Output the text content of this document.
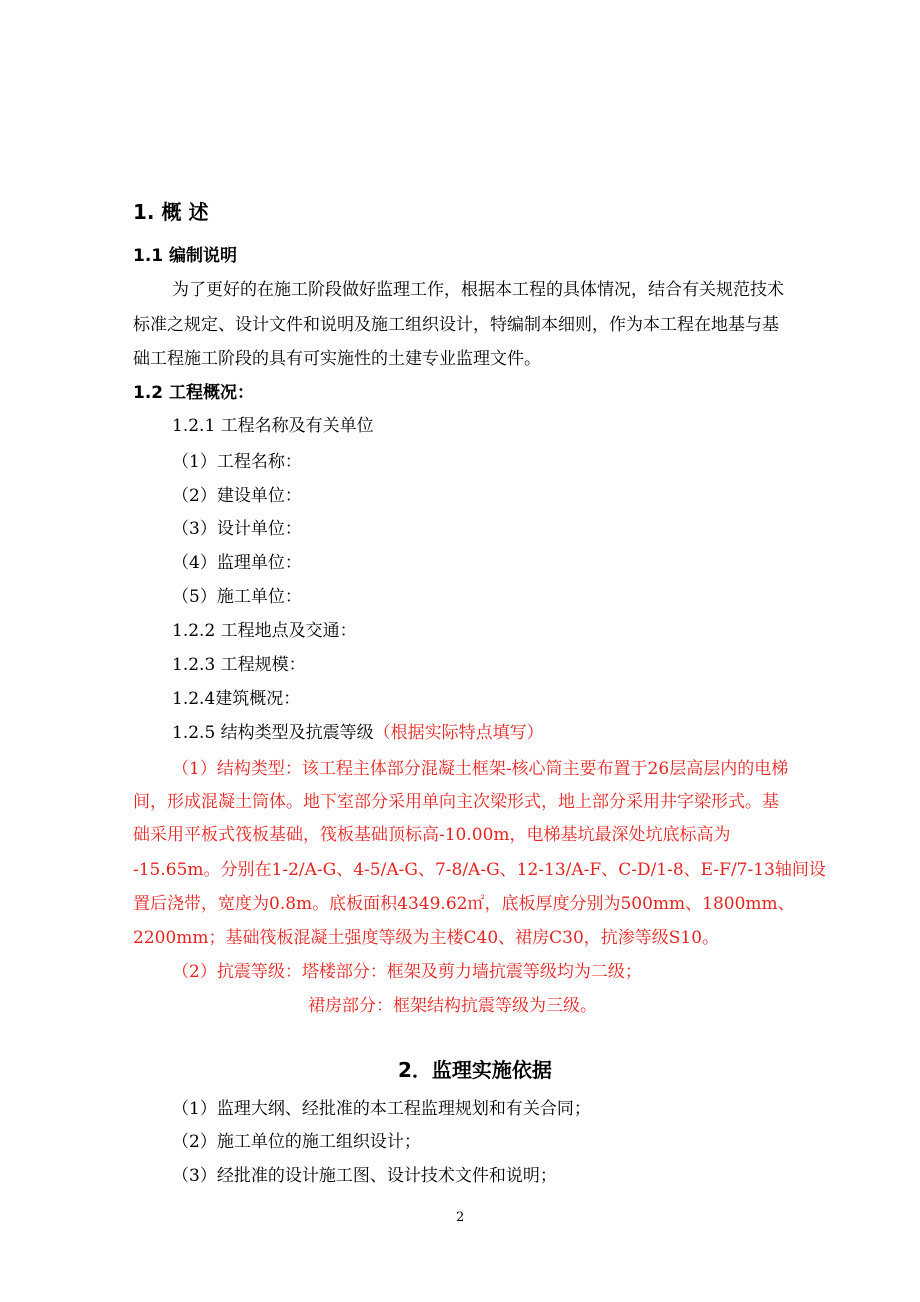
1. 概 述
1.1 编制说明
为了更好的在施工阶段做好监理工作，根据本工程的具体情况，结合有关规范技术
标准之规定、设计文件和说明及施工组织设计，特编制本细则，作为本工程在地基与基
础工程施工阶段的具有可实施性的土建专业监理文件。
1.2 工程概况：
1.2.1 工程名称及有关单位
（1）工程名称：
（2）建设单位：
（3）设计单位：
（4）监理单位：
（5）施工单位：
1.2.2 工程地点及交通：
1.2.3 工程规模：
1.2.4建筑概况：
1.2.5 结构类型及抗震等级（根据实际特点填写）
（1）结构类型：该工程主体部分混凝土框架-核心筒主要布置于26层高层内的电梯
间，形成混凝土筒体。地下室部分采用单向主次梁形式，地上部分采用井字梁形式。基
础采用平板式筏板基础，筏板基础顶标高-10.00m，电梯基坑最深处坑底标高为
-15.65m。分别在1-2/A-G、4-5/A-G、7-8/A-G、12-13/A-F、C-D/1-8、E-F/7-13轴间设
置后浇带，宽度为0.8m。底板面积4349.62㎡，底板厚度分别为500mm、1800mm、
2200mm；基础筏板混凝土强度等级为主楼C40、裙房C30，抗渗等级S10。
（2）抗震等级：塔楼部分：框架及剪力墙抗震等级均为二级；
裙房部分：框架结构抗震等级为三级。
2．监理实施依据
（1）监理大纲、经批准的本工程监理规划和有关合同；
（2）施工单位的施工组织设计；
（3）经批准的设计施工图、设计技术文件和说明；
2
